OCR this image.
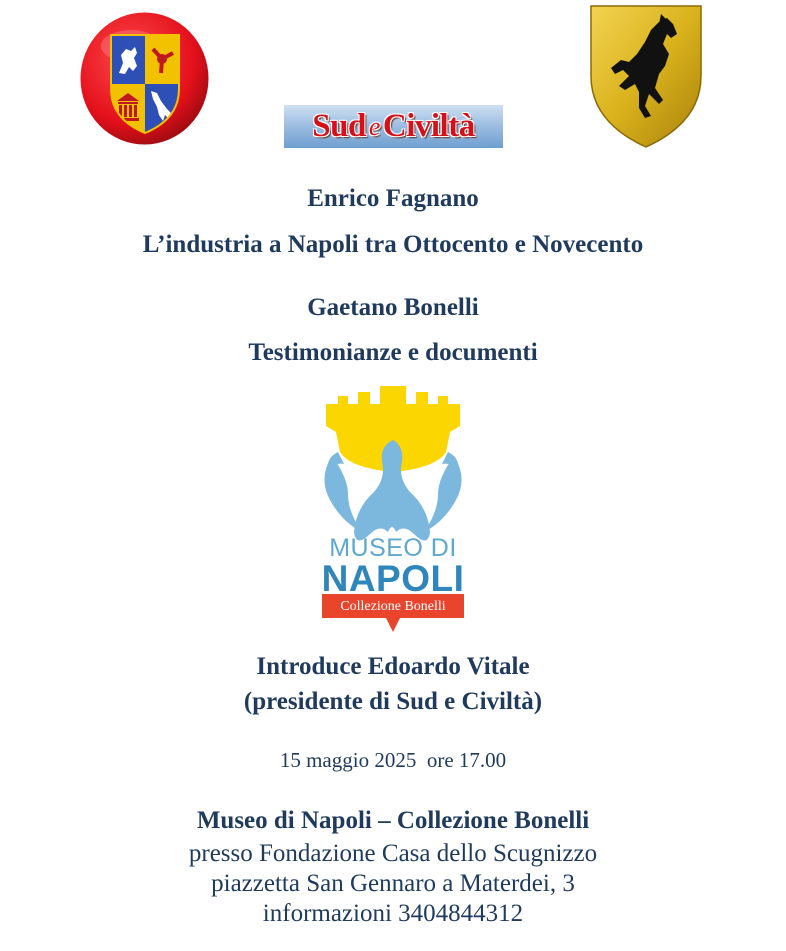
Sud eCiviltà
Enrico Fagnano
L’industria a Napoli tra Ottocento e Novecento
Gaetano Bonelli
Testimonianze e documenti
MUSEO DI
NAPOLI
Collezione Bonelli
Introduce Edoardo Vitale
(presidente di Sud e Civiltà)
15 maggio 2025  ore 17.00
Museo di Napoli – Collezione Bonelli
presso Fondazione Casa dello Scugnizzo
piazzetta San Gennaro a Materdei, 3
informazioni 3404844312
